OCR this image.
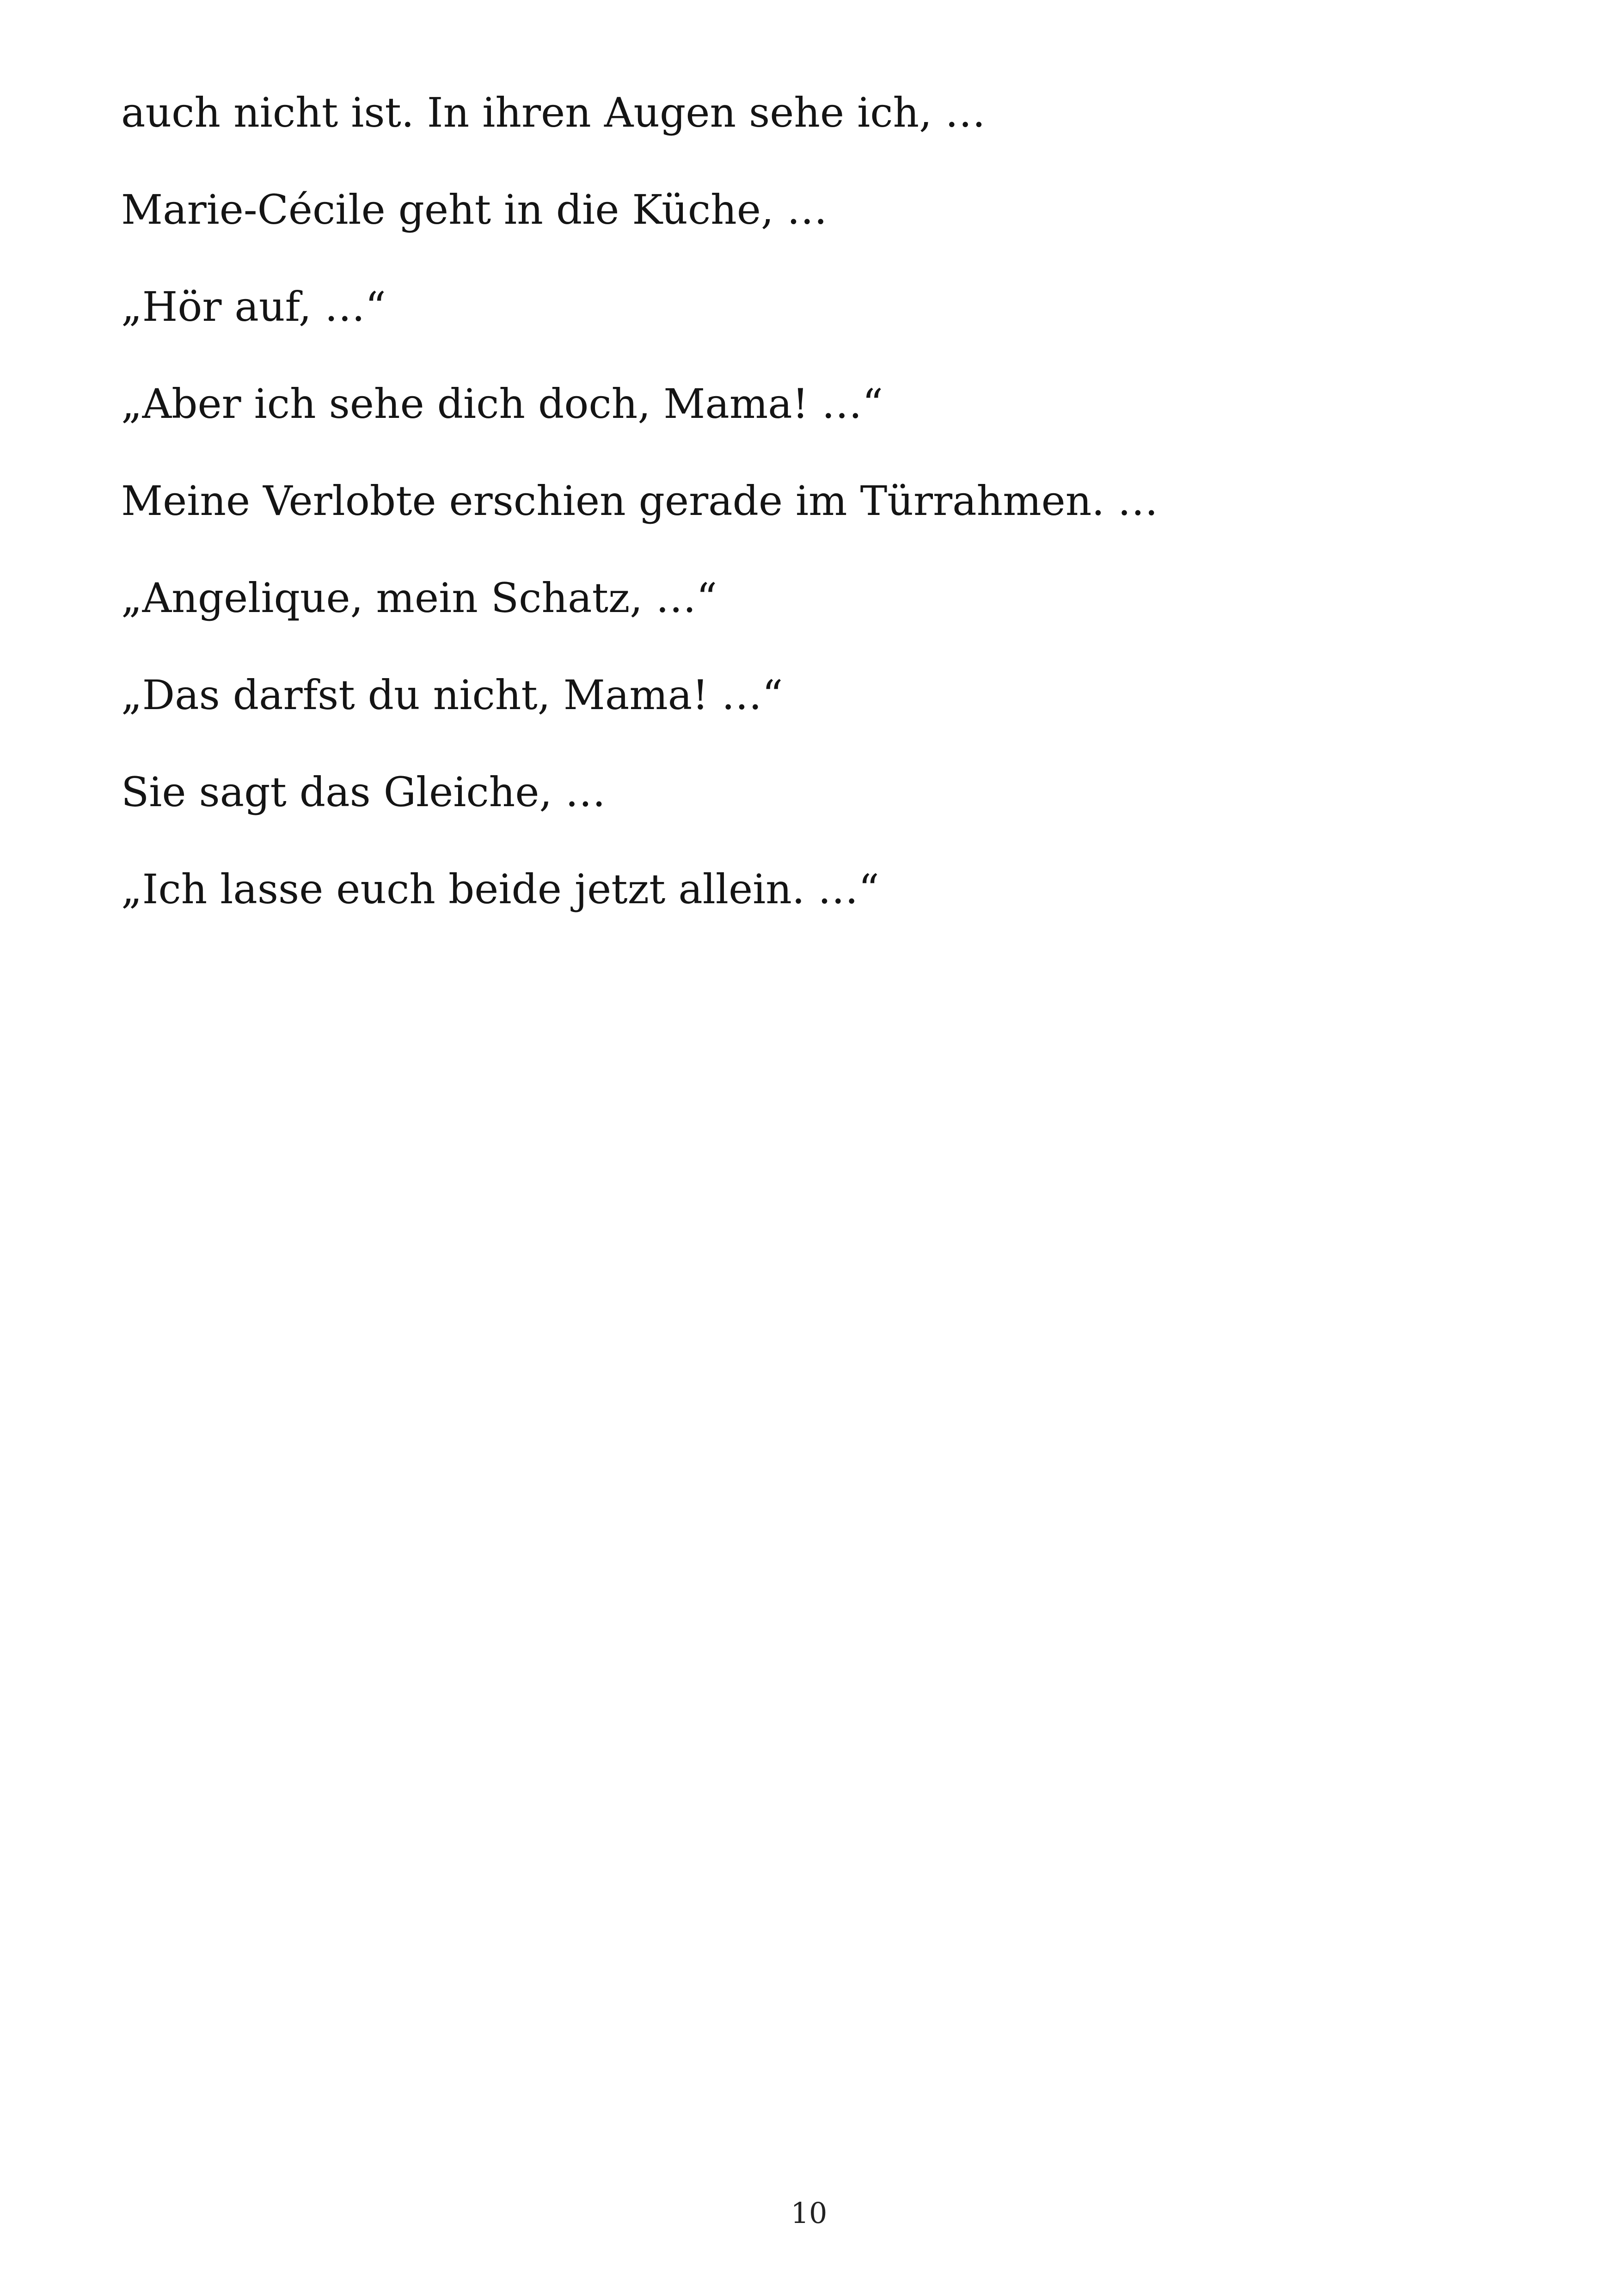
auch nicht ist. In ihren Augen sehe ich, …

Marie-Cécile geht in die Küche, …

„Hör auf, …“

„Aber ich sehe dich doch, Mama! …“

Meine Verlobte erschien gerade im Türrahmen. …

„Angelique, mein Schatz, …“

„Das darfst du nicht, Mama! …“

Sie sagt das Gleiche, …

„Ich lasse euch beide jetzt allein. …“

10
